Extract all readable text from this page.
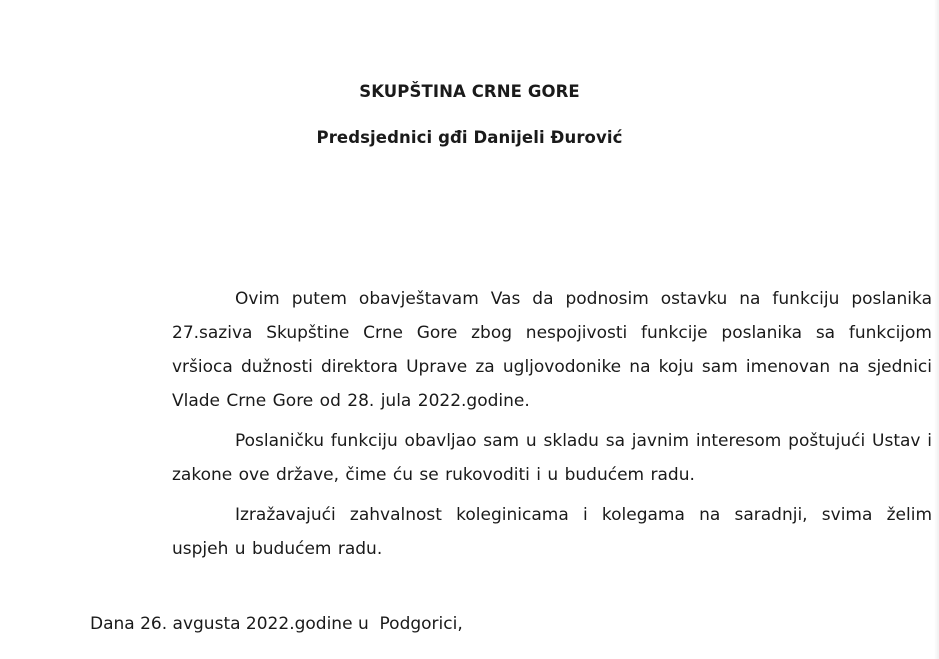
SKUPŠTINA CRNE GORE
Predsjednici gđi Danijeli Đurović

Ovim putem obavještavam Vas da podnosim ostavku na funkciju poslanika 27.saziva Skupštine Crne Gore zbog nespojivosti funkcije poslanika sa funkcijom vršioca dužnosti direktora Uprave za ugljovodonike na koju sam imenovan na sjednici Vlade Crne Gore od 28. jula 2022.godine.

Poslaničku funkciju obavljao sam u skladu sa javnim interesom poštujući Ustav i zakone ove države, čime ću se rukovoditi i u budućem radu.

Izražavajući zahvalnost koleginicama i kolegama na saradnji, svima želim uspjeh u budućem radu.

Dana 26. avgusta 2022.godine u  Podgorici,
